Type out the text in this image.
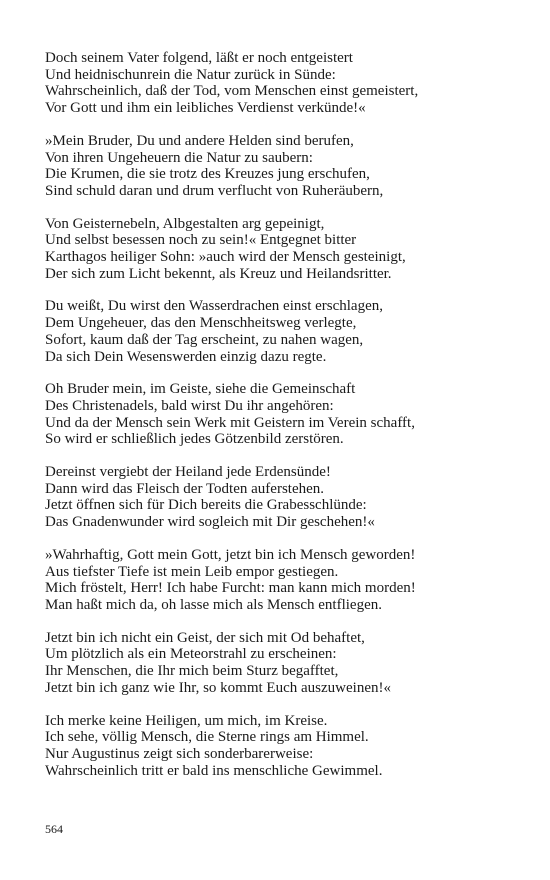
Doch seinem Vater folgend, läßt er noch entgeistert
Und heidnischunrein die Natur zurück in Sünde:
Wahrscheinlich, daß der Tod, vom Menschen einst gemeistert,
Vor Gott und ihm ein leibliches Verdienst verkünde!«
»Mein Bruder, Du und andere Helden sind berufen,
Von ihren Ungeheuern die Natur zu saubern:
Die Krumen, die sie trotz des Kreuzes jung erschufen,
Sind schuld daran und drum verflucht von Ruheräubern,
Von Geisternebeln, Albgestalten arg gepeinigt,
Und selbst besessen noch zu sein!« Entgegnet bitter
Karthagos heiliger Sohn: »auch wird der Mensch gesteinigt,
Der sich zum Licht bekennt, als Kreuz und Heilandsritter.
Du weißt, Du wirst den Wasserdrachen einst erschlagen,
Dem Ungeheuer, das den Menschheitsweg verlegte,
Sofort, kaum daß der Tag erscheint, zu nahen wagen,
Da sich Dein Wesenswerden einzig dazu regte.
Oh Bruder mein, im Geiste, siehe die Gemeinschaft
Des Christenadels, bald wirst Du ihr angehören:
Und da der Mensch sein Werk mit Geistern im Verein schafft,
So wird er schließlich jedes Götzenbild zerstören.
Dereinst vergiebt der Heiland jede Erdensünde!
Dann wird das Fleisch der Todten auferstehen.
Jetzt öffnen sich für Dich bereits die Grabesschlünde:
Das Gnadenwunder wird sogleich mit Dir geschehen!«
»Wahrhaftig, Gott mein Gott, jetzt bin ich Mensch geworden!
Aus tiefster Tiefe ist mein Leib empor gestiegen.
Mich fröstelt, Herr! Ich habe Furcht: man kann mich morden!
Man haßt mich da, oh lasse mich als Mensch entfliegen.
Jetzt bin ich nicht ein Geist, der sich mit Od behaftet,
Um plötzlich als ein Meteorstrahl zu erscheinen:
Ihr Menschen, die Ihr mich beim Sturz begafftet,
Jetzt bin ich ganz wie Ihr, so kommt Euch auszuweinen!«
Ich merke keine Heiligen, um mich, im Kreise.
Ich sehe, völlig Mensch, die Sterne rings am Himmel.
Nur Augustinus zeigt sich sonderbarerweise:
Wahrscheinlich tritt er bald ins menschliche Gewimmel.
564
